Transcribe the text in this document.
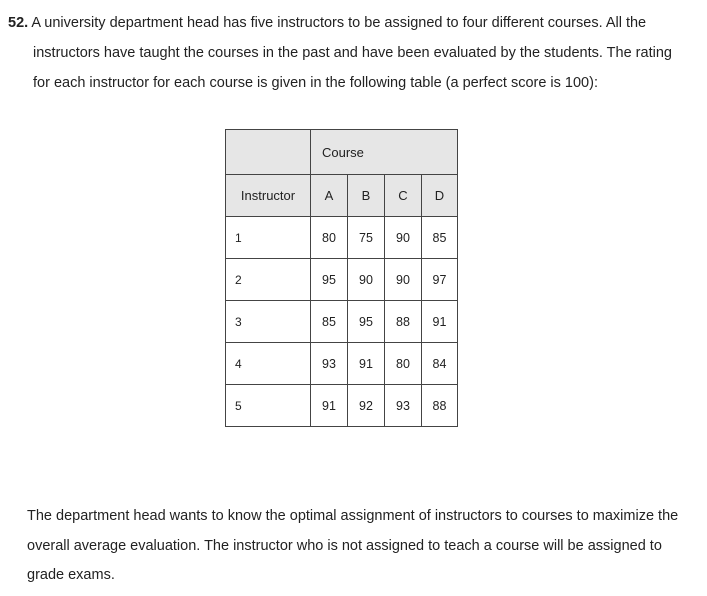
52. A university department head has five instructors to be assigned to four different courses. All the
instructors have taught the courses in the past and have been evaluated by the students. The rating
for each instructor for each course is given in the following table (a perfect score is 100):
	Course			
Instructor	A	B	C	D
1	80	75	90	85
2	95	90	90	97
3	85	95	88	91
4	93	91	80	84
5	91	92	93	88
The department head wants to know the optimal assignment of instructors to courses to maximize the
overall average evaluation. The instructor who is not assigned to teach a course will be assigned to
grade exams.
